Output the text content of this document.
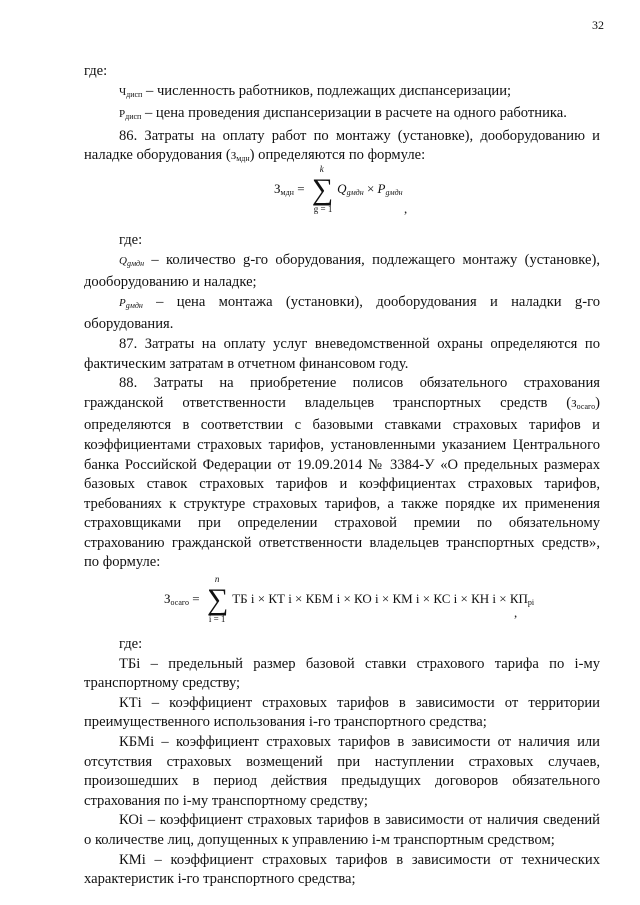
32

где:

$Ч_{дисп}$ – численность работников, подлежащих диспансеризации;

$Р_{дисп}$ – цена проведения диспансеризации в расчете на одного работника.

86. Затраты на оплату работ по монтажу (установке), дооборудованию и наладке оборудования $(З_{мдн})$ определяются по формуле:

$З_{мдн}$ = ∑
k
g = 1
$Q_{gмдн} \times P_{gмдн}$
,

где:

$Q_{gмдн}$ – количество g-го оборудования, подлежащего монтажу (установке), дооборудованию и наладке;

$P_{gмдн}$ – цена монтажа (установки), дооборудования и наладки g-го оборудования.

87. Затраты на оплату услуг вневедомственной охраны определяются по фактическим затратам в отчетном финансовом году.

88. Затраты на приобретение полисов обязательного страхования гражданской ответственности владельцев транспортных средств $(З_{осаго})$ определяются в соответствии с базовыми ставками страховых тарифов и коэффициентами страховых тарифов, установленными указанием Центрального банка Российской Федерации от 19.09.2014 № 3384-У «О предельных размерах базовых ставок страховых тарифов и коэффициентах страховых тарифов, требованиях к структуре страховых тарифов, а также порядке их применения страховщиками при определении страховой премии по обязательному страхованию гражданской ответственности владельцев транспортных средств», по формуле:

$З_{осаго}$ = ∑
n
i = 1
ТБ i × КТ i × КБМ i × КО i × КМ i × КС i × КН $i \times КП_{рi}$
,

где:

ТБi – предельный размер базовой ставки страхового тарифа по i-му транспортному средству;

КТi – коэффициент страховых тарифов в зависимости от территории преимущественного использования i-го транспортного средства;

КБМi – коэффициент страховых тарифов в зависимости от наличия или отсутствия страховых возмещений при наступлении страховых случаев, произошедших в период действия предыдущих договоров обязательного страхования по i-му транспортному средству;

КОi – коэффициент страховых тарифов в зависимости от наличия сведений о количестве лиц, допущенных к управлению i-м транспортным средством;

КМi – коэффициент страховых тарифов в зависимости от технических характеристик i-го транспортного средства;
